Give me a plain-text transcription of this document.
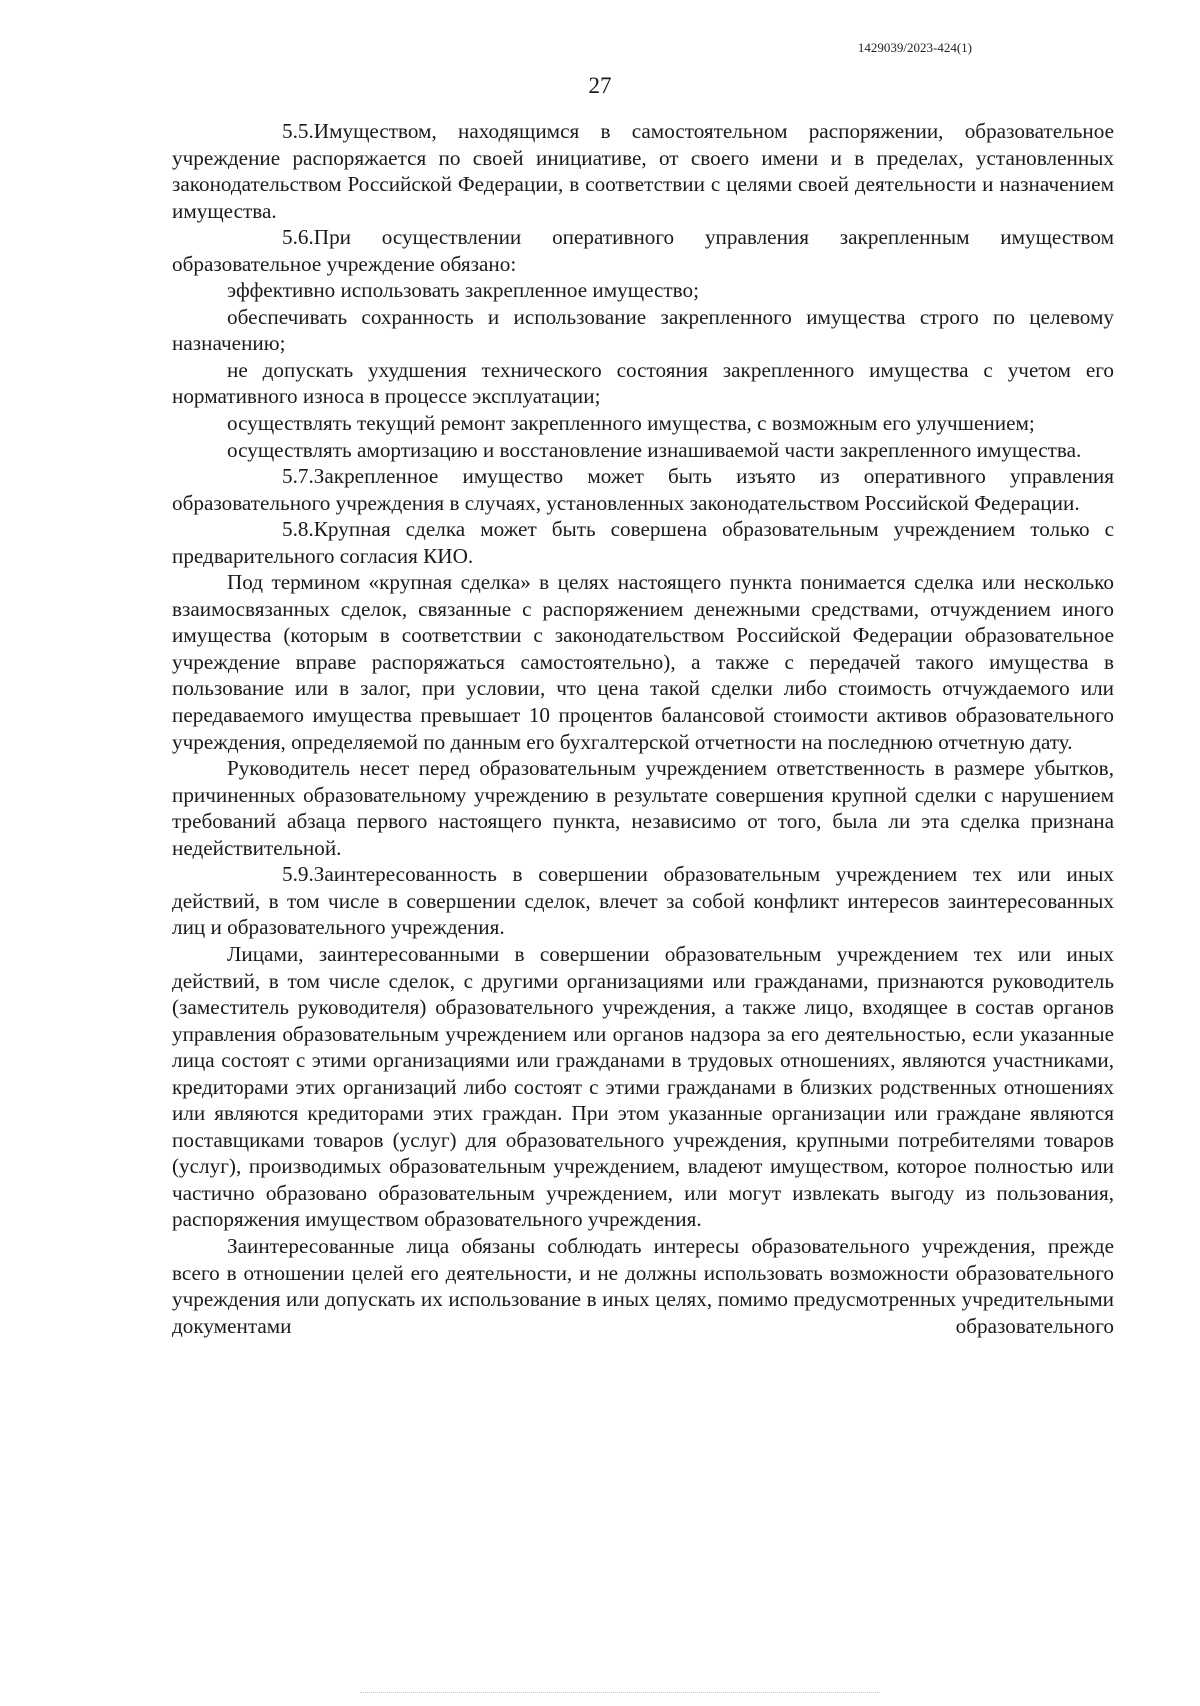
1429039/2023-424(1)
27

5.5.Имуществом, находящимся в самостоятельном распоряжении, образовательное учреждение распоряжается по своей инициативе, от своего имени и в пределах, установленных законодательством Российской Федерации, в соответствии с целями своей деятельности и назначением имущества.

5.6.При осуществлении оперативного управления закрепленным имуществом образовательное учреждение обязано:

эффективно использовать закрепленное имущество;

обеспечивать сохранность и использование закрепленного имущества строго по целевому назначению;

не допускать ухудшения технического состояния закрепленного имущества с учетом его нормативного износа в процессе эксплуатации;

осуществлять текущий ремонт закрепленного имущества, с возможным его улучшением;

осуществлять амортизацию и восстановление изнашиваемой части закрепленного имущества.

5.7.Закрепленное имущество может быть изъято из оперативного управления образовательного учреждения в случаях, установленных законодательством Российской Федерации.

5.8.Крупная сделка может быть совершена образовательным учреждением только с предварительного согласия КИО.

Под термином «крупная сделка» в целях настоящего пункта понимается сделка или несколько взаимосвязанных сделок, связанные с распоряжением денежными средствами, отчуждением иного имущества (которым в соответствии с законодательством Российской Федерации образовательное учреждение вправе распоряжаться самостоятельно), а также с передачей такого имущества в пользование или в залог, при условии, что цена такой сделки либо стоимость отчуждаемого или передаваемого имущества превышает 10 процентов балансовой стоимости активов образовательного учреждения, определяемой по данным его бухгалтерской отчетности на последнюю отчетную дату.

Руководитель несет перед образовательным учреждением ответственность в размере убытков, причиненных образовательному учреждению в результате совершения крупной сделки с нарушением требований абзаца первого настоящего пункта, независимо от того, была ли эта сделка признана недействительной.

5.9.Заинтересованность в совершении образовательным учреждением тех или иных действий, в том числе в совершении сделок, влечет за собой конфликт интересов заинтересованных лиц и образовательного учреждения.

Лицами, заинтересованными в совершении образовательным учреждением тех или иных действий, в том числе сделок, с другими организациями или гражданами, признаются руководитель (заместитель руководителя) образовательного учреждения, а также лицо, входящее в состав органов управления образовательным учреждением или органов надзора за его деятельностью, если указанные лица состоят с этими организациями или гражданами в трудовых отношениях, являются участниками, кредиторами этих организаций либо состоят с этими гражданами в близких родственных отношениях или являются кредиторами этих граждан. При этом указанные организации или граждане являются поставщиками товаров (услуг) для образовательного учреждения, крупными потребителями товаров (услуг), производимых образовательным учреждением, владеют имуществом, которое полностью или частично образовано образовательным учреждением, или могут извлекать выгоду из пользования, распоряжения имуществом образовательного учреждения.

Заинтересованные лица обязаны соблюдать интересы образовательного учреждения, прежде всего в отношении целей его деятельности, и не должны использовать возможности образовательного учреждения или допускать их использование в иных целях, помимо предусмотренных учредительными документами образовательного
